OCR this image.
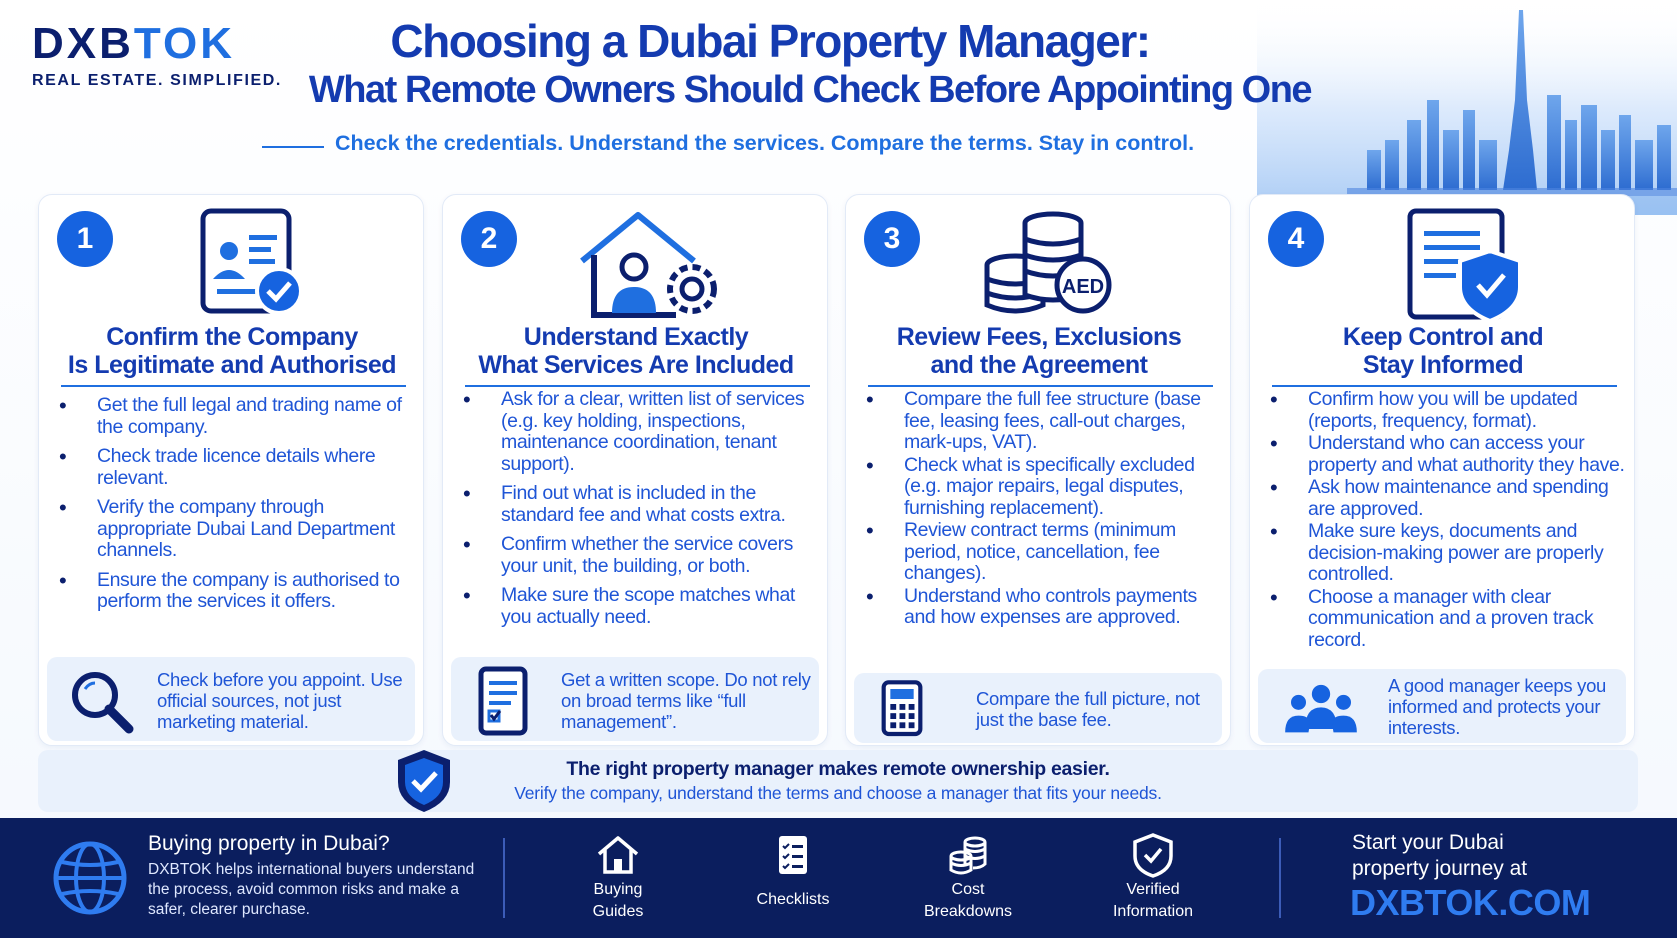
DXBTOK
REAL ESTATE. SIMPLIFIED.
Choosing a Dubai Property Manager:
What Remote Owners Should Check Before Appointing One
Check the credentials. Understand the services. Compare the terms. Stay in control.
1
Confirm the Company
Is Legitimate and Authorised
• Get the full legal and trading name of the company.
• Check trade licence details where relevant.
• Verify the company through appropriate Dubai Land Department channels.
• Ensure the company is authorised to perform the services it offers.
Check before you appoint. Use official sources, not just marketing material.
2
Understand Exactly
What Services Are Included
• Ask for a clear, written list of services (e.g. key holding, inspections, maintenance coordination, tenant support).
• Find out what is included in the standard fee and what costs extra.
• Confirm whether the service covers your unit, the building, or both.
• Make sure the scope matches what you actually need.
Get a written scope. Do not rely on broad terms like “full management”.
3
AED
Review Fees, Exclusions
and the Agreement
• Compare the full fee structure (base fee, leasing fees, call-out charges, mark-ups, VAT).
• Check what is specifically excluded (e.g. major repairs, legal disputes, furnishing replacement).
• Review contract terms (minimum period, notice, cancellation, fee changes).
• Understand who controls payments and how expenses are approved.
Compare the full picture, not just the base fee.
4
Keep Control and
Stay Informed
• Confirm how you will be updated (reports, frequency, format).
• Understand who can access your property and what authority they have.
• Ask how maintenance and spending are approved.
• Make sure keys, documents and decision-making power are properly controlled.
• Choose a manager with clear communication and a proven track record.
A good manager keeps you informed and protects your interests.
The right property manager makes remote ownership easier.
Verify the company, understand the terms and choose a manager that fits your needs.
Buying property in Dubai?
DXBTOK helps international buyers understand the process, avoid common risks and make a safer, clearer purchase.
Buying
Guides
Checklists
Cost
Breakdowns
Verified
Information
Start your Dubai
property journey at
DXBTOK.COM
